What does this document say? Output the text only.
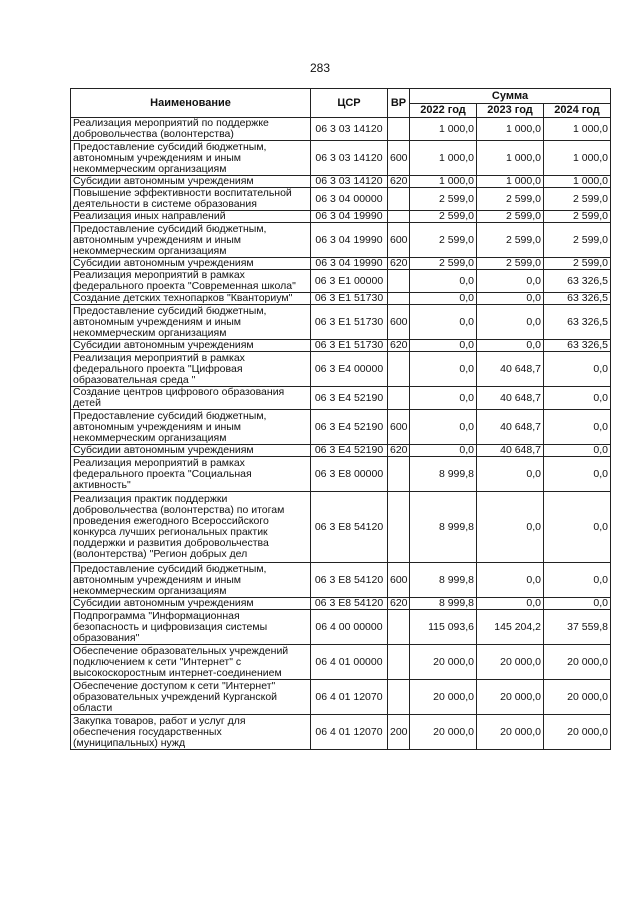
283
Наименование	ЦСР	ВР	Сумма		
			2022 год	2023 год	2024 год
Реализация мероприятий по поддержке добровольчества (волонтерства)	06 3 03 14120		1 000,0	1 000,0	1 000,0
Предоставление субсидий бюджетным, автономным учреждениям и иным некоммерческим организациям	06 3 03 14120	600	1 000,0	1 000,0	1 000,0
Субсидии автономным учреждениям	06 3 03 14120	620	1 000,0	1 000,0	1 000,0
Повышение эффективности воспитательной деятельности в системе образования	06 3 04 00000		2 599,0	2 599,0	2 599,0
Реализация иных направлений	06 3 04 19990		2 599,0	2 599,0	2 599,0
Предоставление субсидий бюджетным, автономным учреждениям и иным некоммерческим организациям	06 3 04 19990	600	2 599,0	2 599,0	2 599,0
Субсидии автономным учреждениям	06 3 04 19990	620	2 599,0	2 599,0	2 599,0
Реализация мероприятий в рамках федерального проекта "Современная школа"	06 3 E1 00000		0,0	0,0	63 326,5
Создание детских технопарков "Кванториум"	06 3 E1 51730		0,0	0,0	63 326,5
Предоставление субсидий бюджетным, автономным учреждениям и иным некоммерческим организациям	06 3 E1 51730	600	0,0	0,0	63 326,5
Субсидии автономным учреждениям	06 3 E1 51730	620	0,0	0,0	63 326,5
Реализация мероприятий в рамках федерального проекта "Цифровая образовательная среда "	06 3 E4 00000		0,0	40 648,7	0,0
Создание центров цифрового образования детей	06 3 E4 52190		0,0	40 648,7	0,0
Предоставление субсидий бюджетным, автономным учреждениям и иным некоммерческим организациям	06 3 E4 52190	600	0,0	40 648,7	0,0
Субсидии автономным учреждениям	06 3 E4 52190	620	0,0	40 648,7	0,0
Реализация мероприятий в рамках федерального проекта "Социальная активность"	06 3 E8 00000		8 999,8	0,0	0,0
Реализация практик поддержки добровольчества (волонтерства) по итогам проведения ежегодного Всероссийского конкурса лучших региональных практик поддержки и развития добровольчества (волонтерства) "Регион добрых дел	06 3 E8 54120		8 999,8	0,0	0,0
Предоставление субсидий бюджетным, автономным учреждениям и иным некоммерческим организациям	06 3 E8 54120	600	8 999,8	0,0	0,0
Субсидии автономным учреждениям	06 3 E8 54120	620	8 999,8	0,0	0,0
Подпрограмма "Информационная безопасность и цифровизация системы образования"	06 4 00 00000		115 093,6	145 204,2	37 559,8
Обеспечение образовательных учреждений подключением к сети "Интернет" с высокоскоростным интернет-соединением	06 4 01 00000		20 000,0	20 000,0	20 000,0
Обеспечение доступом к сети "Интернет" образовательных учреждений Курганской области	06 4 01 12070		20 000,0	20 000,0	20 000,0
Закупка товаров, работ и услуг для обеспечения государственных (муниципальных) нужд	06 4 01 12070	200	20 000,0	20 000,0	20 000,0
